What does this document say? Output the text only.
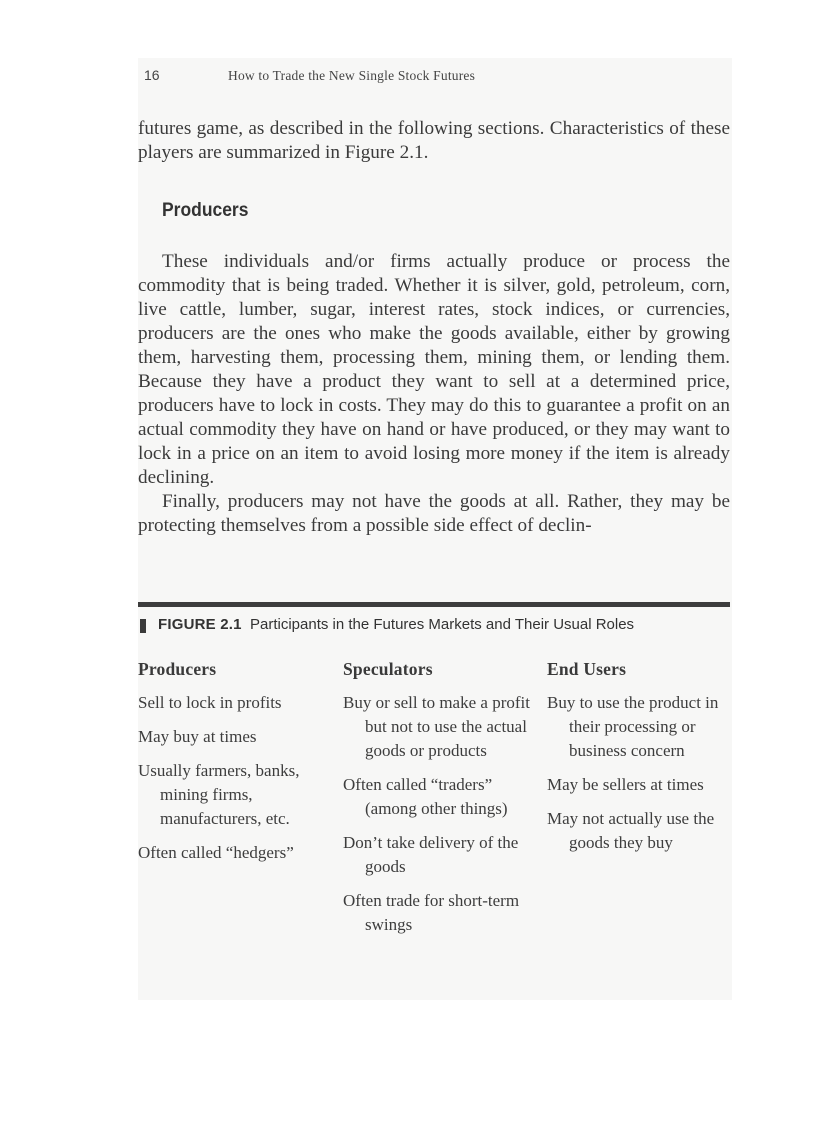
16	How to Trade the New Single Stock Futures
futures game, as described in the following sections. Characteristics of these players are summarized in Figure 2.1.
Producers
These individuals and/or firms actually produce or process the commodity that is being traded. Whether it is silver, gold, petroleum, corn, live cattle, lumber, sugar, interest rates, stock indices, or currencies, producers are the ones who make the goods available, either by growing them, harvesting them, processing them, mining them, or lending them. Because they have a product they want to sell at a determined price, producers have to lock in costs. They may do this to guarantee a profit on an actual commodity they have on hand or have produced, or they may want to lock in a price on an item to avoid losing more money if the item is already declining.
Finally, producers may not have the goods at all. Rather, they may be protecting themselves from a possible side effect of declin-
FIGURE 2.1 Participants in the Futures Markets and Their Usual Roles
Producers
Sell to lock in profits
May buy at times
Usually farmers, banks, mining firms, manufacturers, etc.
Often called “hedgers”
Speculators
Buy or sell to make a profit but not to use the actual goods or products
Often called “traders” (among other things)
Don’t take delivery of the goods
Often trade for short-term swings
End Users
Buy to use the product in their processing or business concern
May be sellers at times
May not actually use the goods they buy
